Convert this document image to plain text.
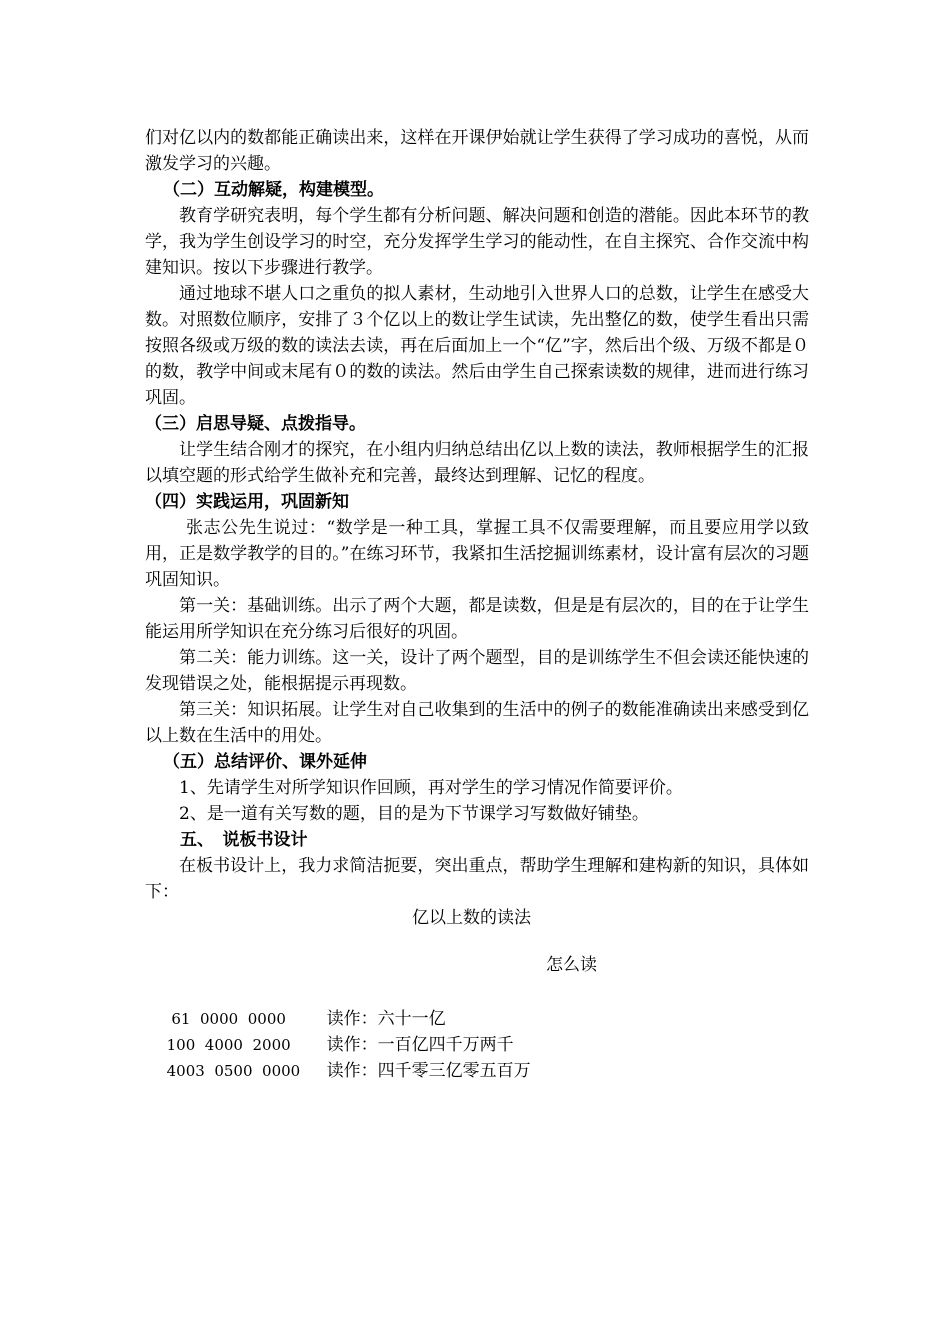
们对亿以内的数都能正确读出来，这样在开课伊始就让学生获得了学习成功的喜悦，从而激发学习的兴趣。

（二）互动解疑，构建模型。

　　教育学研究表明，每个学生都有分析问题、解决问题和创造的潜能。因此本环节的教学，我为学生创设学习的时空，充分发挥学生学习的能动性，在自主探究、合作交流中构建知识。按以下步骤进行教学。

　　通过地球不堪人口之重负的拟人素材，生动地引入世界人口的总数，让学生在感受大数。对照数位顺序，安排了３个亿以上的数让学生试读，先出整亿的数，使学生看出只需按照各级或万级的数的读法去读，再在后面加上一个“亿”字，然后出个级、万级不都是０的数，教学中间或末尾有０的数的读法。然后由学生自己探索读数的规律，进而进行练习巩固。

（三）启思导疑、点拨指导。

　　让学生结合刚才的探究，在小组内归纳总结出亿以上数的读法，教师根据学生的汇报以填空题的形式给学生做补充和完善，最终达到理解、记忆的程度。

（四）实践运用，巩固新知

　　 张志公先生说过：“数学是一种工具，掌握工具不仅需要理解，而且要应用学以致用，正是数学教学的目的。”在练习环节，我紧扣生活挖掘训练素材，设计富有层次的习题巩固知识。

　　第一关：基础训练。出示了两个大题，都是读数，但是是有层次的，目的在于让学生能运用所学知识在充分练习后很好的巩固。

　　第二关：能力训练。这一关，设计了两个题型，目的是训练学生不但会读还能快速的发现错误之处，能根据提示再现数。

　　第三关：知识拓展。让学生对自己收集到的生活中的例子的数能准确读出来感受到亿以上数在生活中的用处。

（五）总结评价、课外延伸

　　1、先请学生对所学知识作回顾，再对学生的学习情况作简要评价。

　　2、是一道有关写数的题，目的是为下节课学习写数做好铺垫。

五、　说板书设计

　　在板书设计上，我力求简洁扼要，突出重点，帮助学生理解和建构新的知识，具体如下：

亿以上数的读法
怎么读

61  0000  0000 读作：六十一亿

100  4000  2000 读作：一百亿四千万两千

4003  0500  0000 读作：四千零三亿零五百万
